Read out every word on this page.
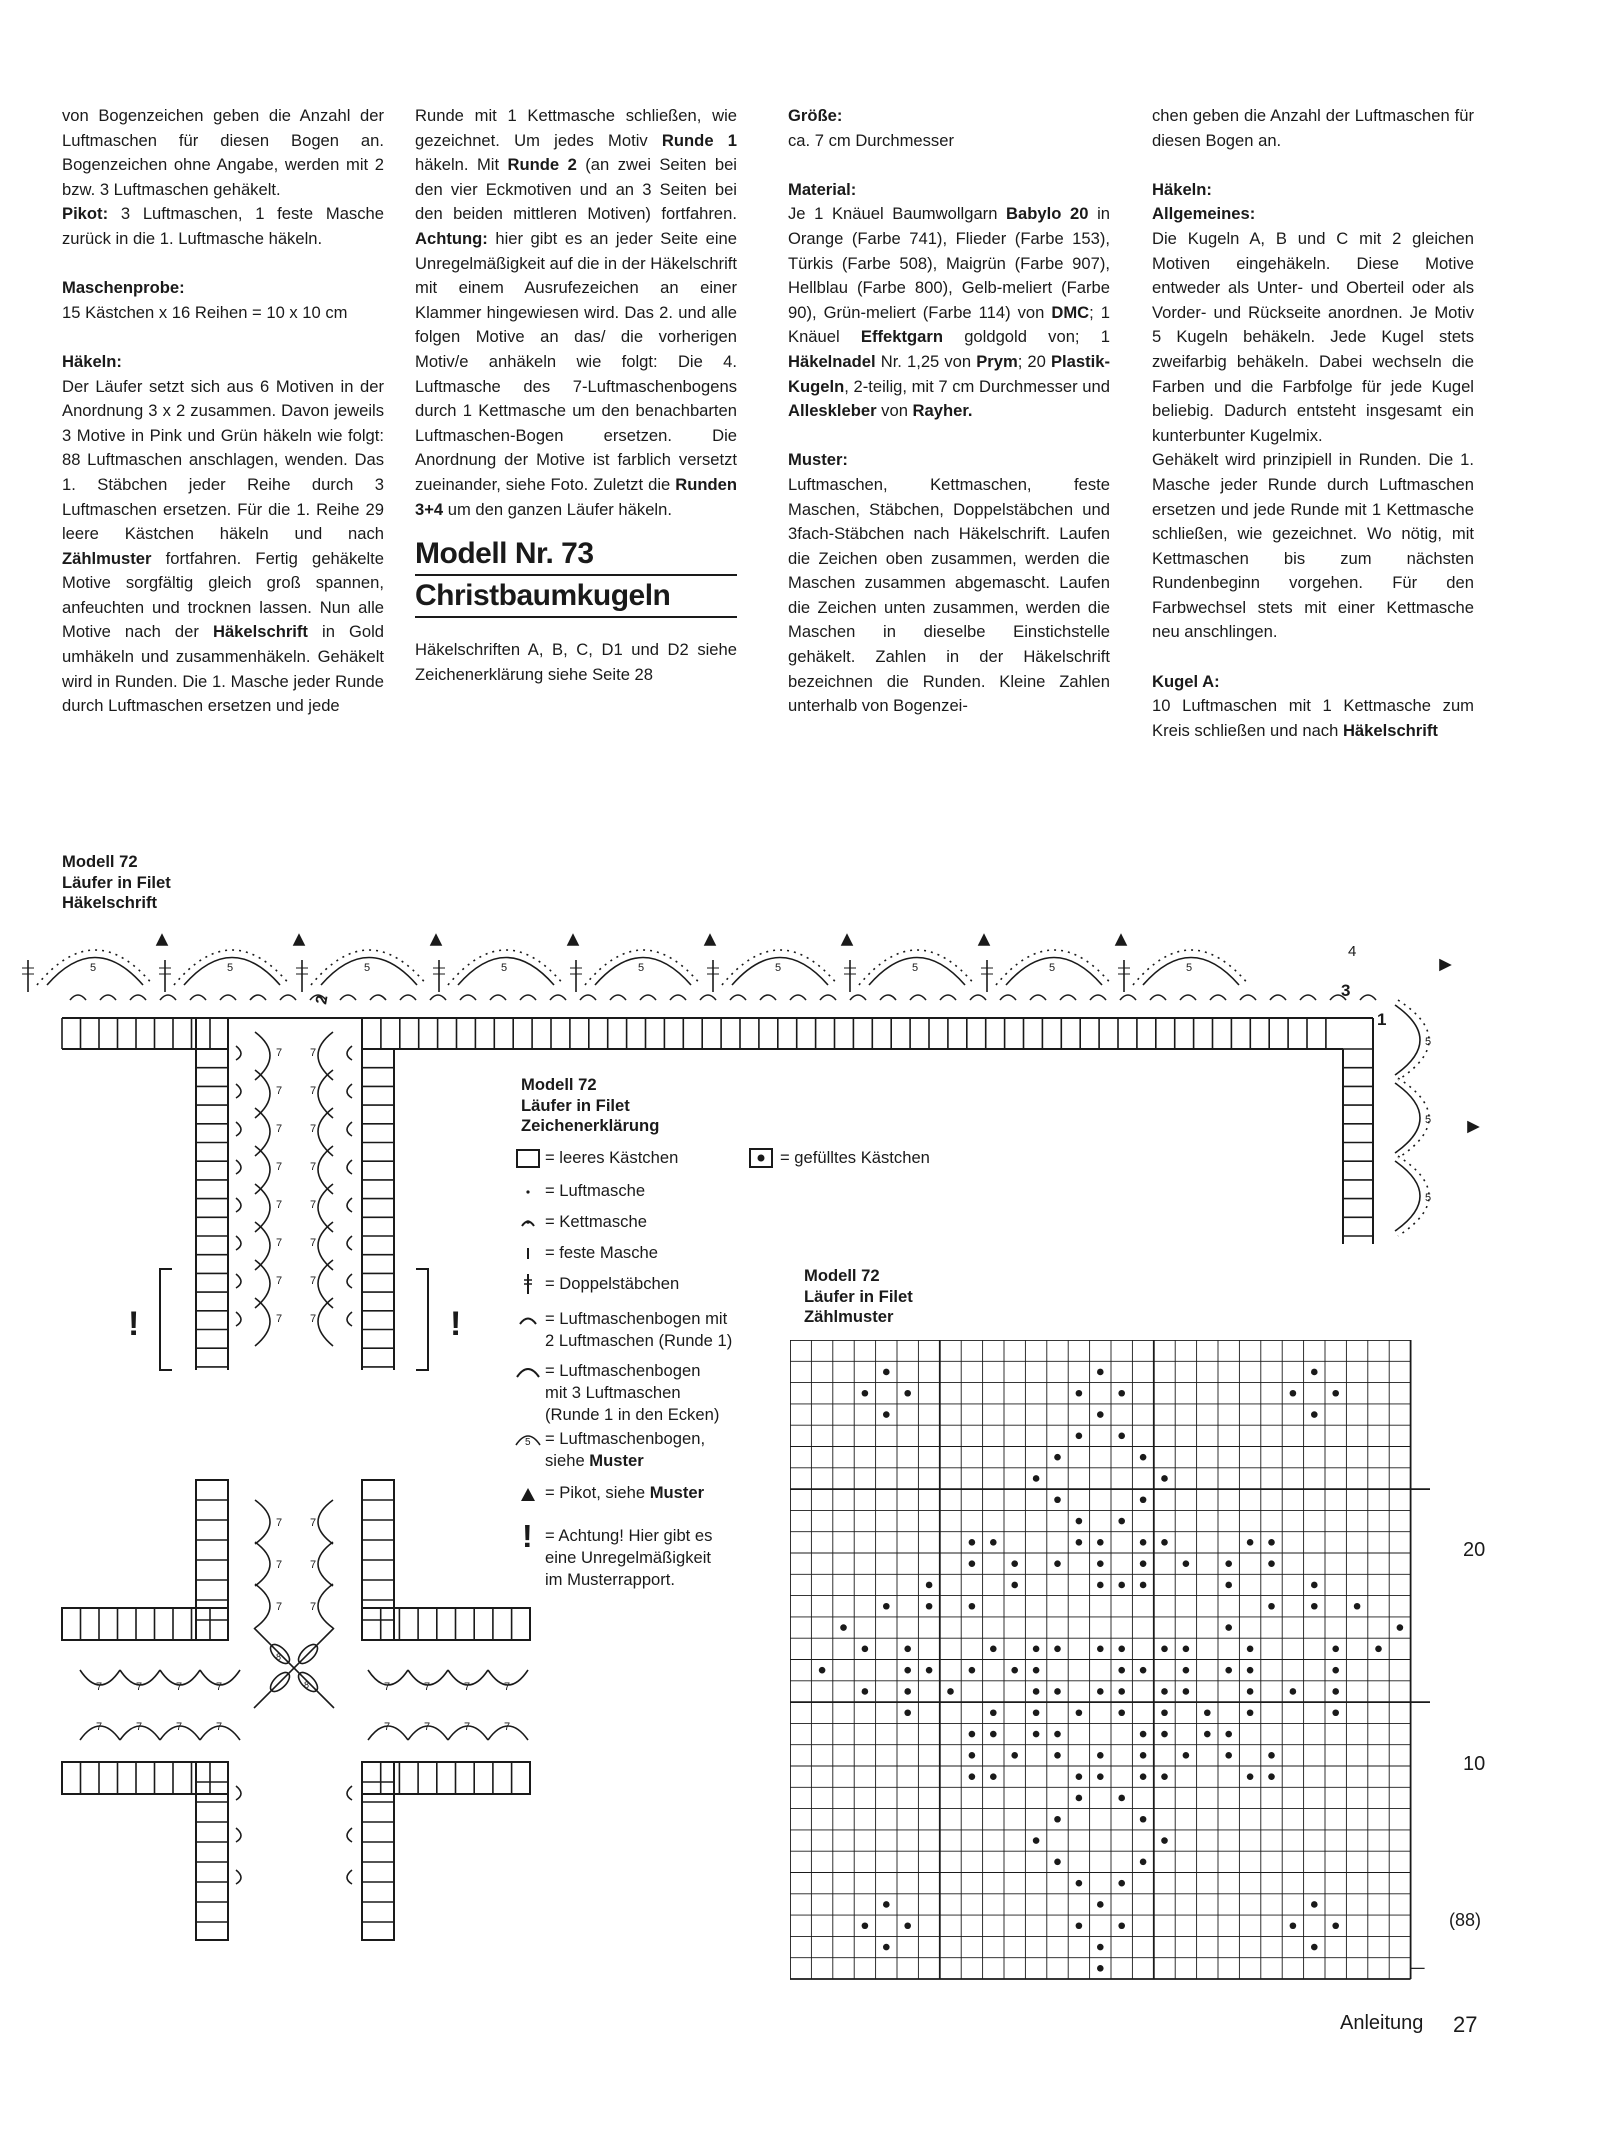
von Bogenzeichen geben die Anzahl der Luftmaschen für diesen Bogen an. Bogenzeichen ohne Angabe, werden mit 2 bzw. 3 Luftmaschen gehäkelt.

Pikot: 3 Luftmaschen, 1 feste Masche zurück in die 1. Luftmasche häkeln.

Maschenprobe:

15 Kästchen x 16 Reihen = 10 x 10 cm

Häkeln:

Der Läufer setzt sich aus 6 Motiven in der Anordnung 3 x 2 zusammen. Davon jeweils 3 Motive in Pink und Grün häkeln wie folgt: 88 Luftmaschen anschlagen, wenden. Das 1. Stäbchen jeder Reihe durch 3 Luftmaschen ersetzen. Für die 1. Reihe 29 leere Kästchen häkeln und nach Zählmuster fortfahren. Fertig gehäkelte Motive sorgfältig gleich groß spannen, anfeuchten und trocknen lassen. Nun alle Motive nach der Häkelschrift in Gold umhäkeln und zusammenhäkeln. Gehäkelt wird in Runden. Die 1. Masche jeder Runde durch Luftmaschen ersetzen und jede

Runde mit 1 Kettmasche schließen, wie gezeichnet. Um jedes Motiv Runde 1 häkeln. Mit Runde 2 (an zwei Seiten bei den vier Eckmotiven und an 3 Seiten bei den beiden mittleren Motiven) fortfahren. Achtung: hier gibt es an jeder Seite eine Unregelmäßigkeit auf die in der Häkelschrift mit einem Ausrufezeichen an einer Klammer hingewiesen wird. Das 2. und alle folgen Motive an das/ die vorherigen Motiv/e anhäkeln wie folgt: Die 4. Luftmasche des 7-Luftmaschenbogens durch 1 Kettmasche um den benachbarten Luftmaschen-Bogen ersetzen. Die Anordnung der Motive ist farblich versetzt zueinander, siehe Foto. Zuletzt die Runden 3+4 um den ganzen Läufer häkeln.

Modell Nr. 73
Christbaumkugeln

Häkelschriften A, B, C, D1 und D2 siehe Zeichenerklärung siehe Seite 28

Größe:

ca. 7 cm Durchmesser

Material:

Je 1 Knäuel Baumwollgarn Babylo 20 in Orange (Farbe 741), Flieder (Farbe 153), Türkis (Farbe 508), Maigrün (Farbe 907), Hellblau (Farbe 800), Gelb-meliert (Farbe 90), Grün-meliert (Farbe 114) von DMC; 1 Knäuel Effektgarn goldgold von; 1 Häkelnadel Nr. 1,25 von Prym; 20 Plastik-Kugeln, 2-teilig, mit 7 cm Durchmesser und Alleskleber von Rayher.

Muster:

Luftmaschen, Kettmaschen, feste Maschen, Stäbchen, Doppelstäbchen und 3fach-Stäbchen nach Häkelschrift. Laufen die Zeichen oben zusammen, werden die Maschen zusammen abgemascht. Laufen die Zeichen unten zusammen, werden die Maschen in dieselbe Einstichstelle gehäkelt. Zahlen in der Häkelschrift bezeichnen die Runden. Kleine Zahlen unterhalb von Bogenzei-

chen geben die Anzahl der Luftmaschen für diesen Bogen an.

Häkeln:
Allgemeines:

Die Kugeln A, B und C mit 2 gleichen Motiven eingehäkeln. Diese Motive entweder als Unter- und Oberteil oder als Vorder- und Rückseite anordnen. Je Motiv 5 Kugeln behäkeln. Jede Kugel stets zweifarbig behäkeln. Dabei wechseln die Farben und die Farbfolge für jede Kugel beliebig. Dadurch entsteht insgesamt ein kunterbunter Kugelmix.

Gehäkelt wird prinzipiell in Runden. Die 1. Masche jeder Runde durch Luftmaschen ersetzen und jede Runde mit 1 Kettmasche schließen, wie gezeichnet. Wo nötig, mit Kettmaschen bis zum nächsten Rundenbeginn vorgehen. Für den Farbwechsel stets mit einer Kettmasche neu anschlingen.

Kugel A:

10 Luftmaschen mit 1 Kettmasche zum Kreis schließen und nach Häkelschrift

Modell 72
Läufer in Filet
Häkelschrift
5	5	5	5	5	5	5	5	5
5
5
5
7	7
7	7
7	7
7	7
7	7
7	7
7	7
7	7
7	7
7	7
7	7
7
7
7
7
7
7
7
7
7
7
7
7
7
7
7
7
8
8
2
4
3
1
!	!
Modell 72
Läufer in Filet
Zeichenerklärung
= leeres Kästchen
= Luftmasche
= Kettmasche
= feste Masche
= Doppelstäbchen
= Luftmaschenbogen mit
2 Luftmaschen (Runde 1)
= Luftmaschenbogen
mit 3 Luftmaschen
(Runde 1 in den Ecken)
5 = Luftmaschenbogen,
siehe Muster
= Pikot, siehe Muster
! = Achtung! Hier gibt es
eine Unregelmäßigkeit
im Musterrapport.
= gefülltes Kästchen
Modell 72
Läufer in Filet
Zählmuster
20
10
(88)
Anleitung 27
